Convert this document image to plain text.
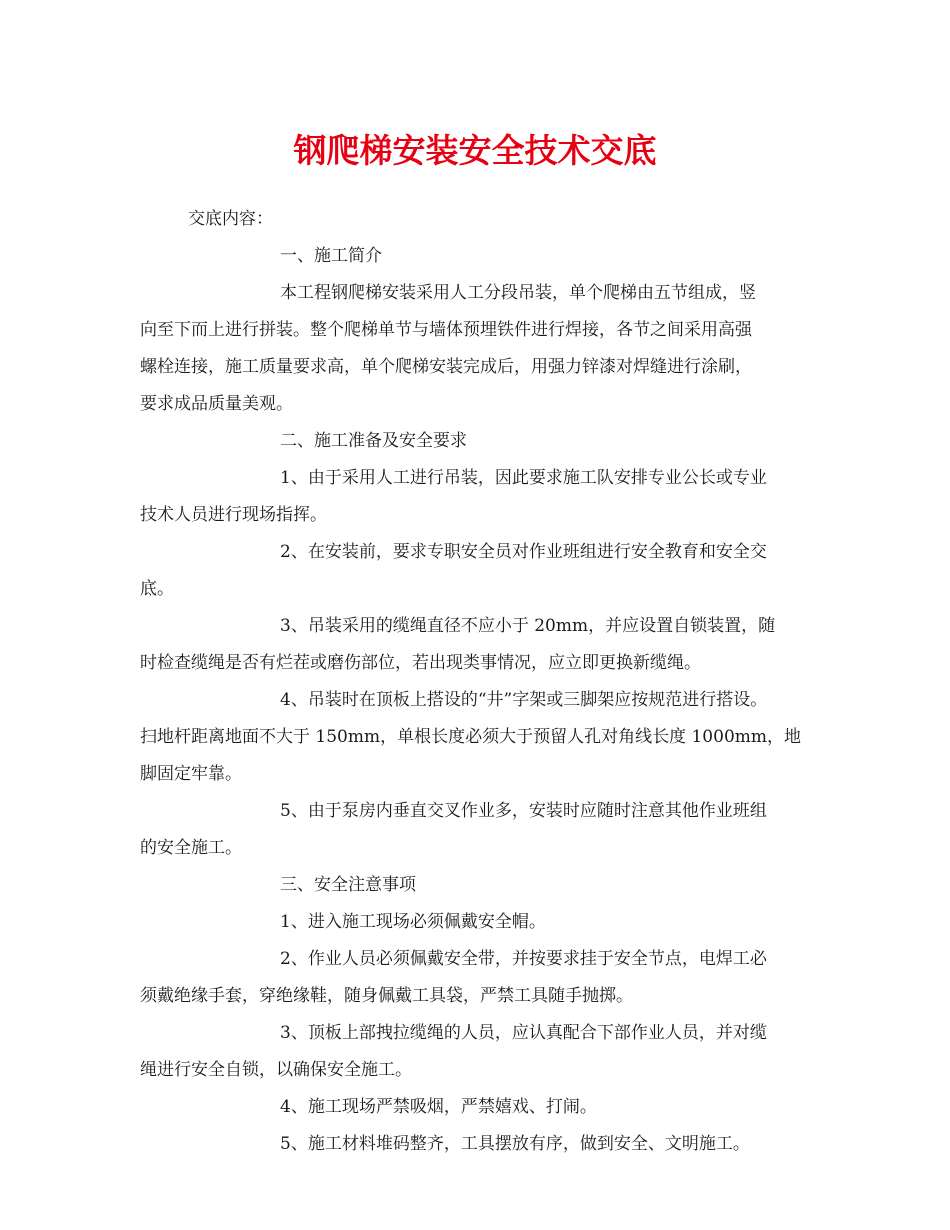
钢爬梯安装安全技术交底
交底内容：
一、施工简介
本工程钢爬梯安装采用人工分段吊装，单个爬梯由五节组成，竖
向至下而上进行拼装。整个爬梯单节与墙体预埋铁件进行焊接，各节之间采用高强
螺栓连接，施工质量要求高，单个爬梯安装完成后，用强力锌漆对焊缝进行涂刷，
要求成品质量美观。
二、施工准备及安全要求
1、由于采用人工进行吊装，因此要求施工队安排专业公长或专业
技术人员进行现场指挥。
2、在安装前，要求专职安全员对作业班组进行安全教育和安全交
底。
3、吊装采用的缆绳直径不应小于 20mm，并应设置自锁装置，随
时检查缆绳是否有烂茬或磨伤部位，若出现类事情况，应立即更换新缆绳。
4、吊装时在顶板上搭设的“井”字架或三脚架应按规范进行搭设。
扫地杆距离地面不大于 150mm，单根长度必须大于预留人孔对角线长度 1000mm，地
脚固定牢靠。
5、由于泵房内垂直交叉作业多，安装时应随时注意其他作业班组
的安全施工。
三、安全注意事项
1、进入施工现场必须佩戴安全帽。
2、作业人员必须佩戴安全带，并按要求挂于安全节点，电焊工必
须戴绝缘手套，穿绝缘鞋，随身佩戴工具袋，严禁工具随手抛掷。
3、顶板上部拽拉缆绳的人员，应认真配合下部作业人员，并对缆
绳进行安全自锁，以确保安全施工。
4、施工现场严禁吸烟，严禁嬉戏、打闹。
5、施工材料堆码整齐，工具摆放有序，做到安全、文明施工。
